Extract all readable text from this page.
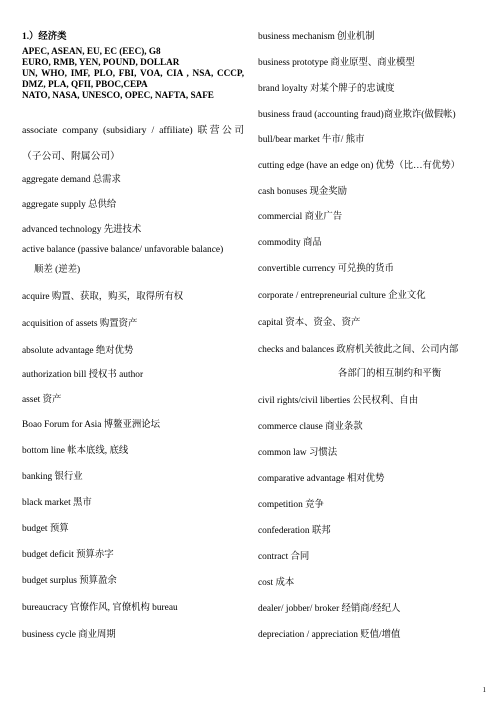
1.）经济类
APEC, ASEAN, EU, EC (EEC), G8
EURO, RMB, YEN, POUND, DOLLAR
UN, WHO, IMF, PLO, FBI, VOA, CIA , NSA, CCCP, DMZ, PLA, QFII, PBOC,CEPA
NATO, NASA, UNESCO, OPEC, NAFTA, SAFE
associate company (subsidiary / affiliate) 联营公司（子公司、附属公司）
aggregate demand 总需求
aggregate supply 总供给
advanced technology 先进技术
active balance (passive balance/ unfavorable balance)
顺差 (逆差)
acquire 购置、获取，购买，取得所有权
acquisition of assets 购置资产
absolute advantage 绝对优势
authorization bill 授权书 author
asset 资产
Boao Forum for Asia 博鳌亚洲论坛
bottom line 帐本底线, 底线
banking 银行业
black market 黑市
budget 预算
budget deficit 预算赤字
budget surplus 预算盈余
bureaucracy 官僚作风, 官僚机构 bureau
business cycle 商业周期
business mechanism 创业机制
business prototype 商业原型、商业模型
brand loyalty 对某个牌子的忠诚度
business fraud (accounting fraud)商业欺诈(做假帐)
bull/bear market 牛市/ 熊市
cutting edge (have an edge on) 优势（比…有优势）
cash bonuses 现金奖励
commercial 商业广告
commodity 商品
convertible currency 可兑换的货币
corporate / entrepreneurial culture 企业文化
capital 资本、资金、资产
checks and balances 政府机关彼此之间、公司内部
各部门的相互制约和平衡
civil rights/civil liberties 公民权利、自由
commerce clause 商业条款
common law 习惯法
comparative advantage 相对优势
competition 竞争
confederation 联邦
contract 合同
cost 成本
dealer/ jobber/ broker 经销商/经纪人
depreciation / appreciation 贬值/增值
1
